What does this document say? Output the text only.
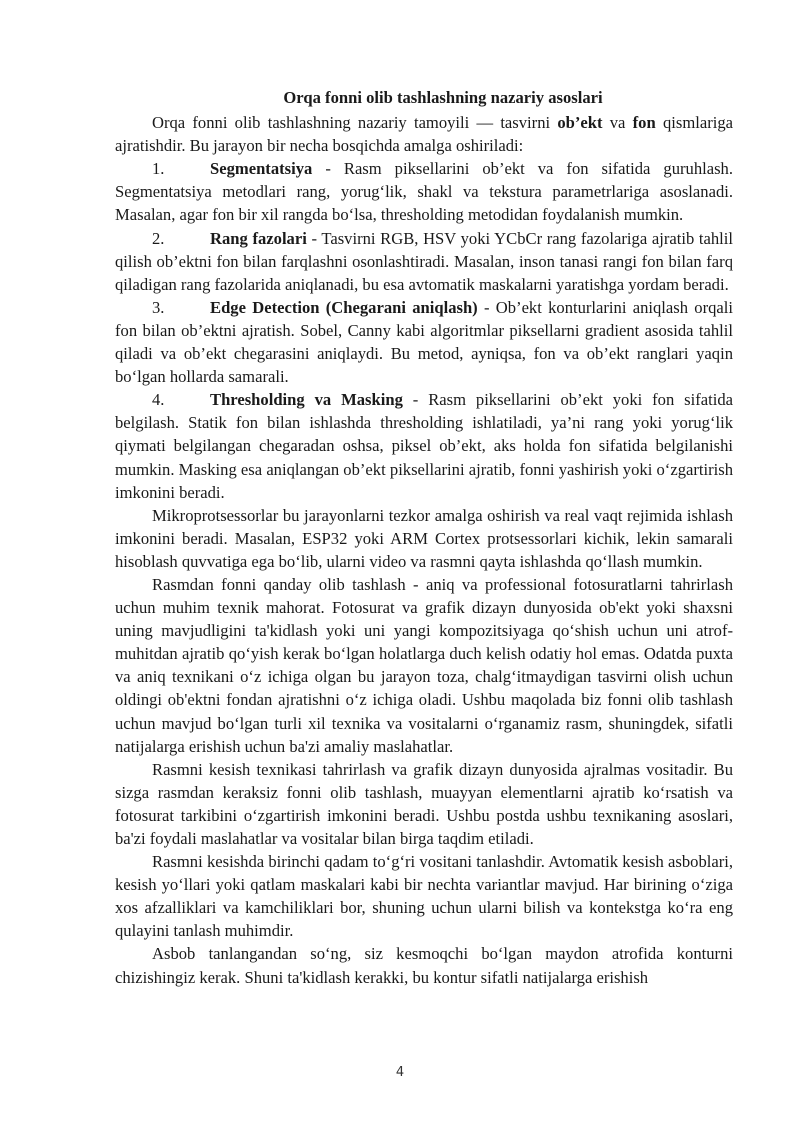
Orqa fonni olib tashlashning nazariy asoslari

Orqa fonni olib tashlashning nazariy tamoyili — tasvirni ob’ekt va fon qismlariga ajratishdir. Bu jarayon bir necha bosqichda amalga oshiriladi:

1.	Segmentatsiya - Rasm piksellarini ob’ekt va fon sifatida guruhlash. Segmentatsiya metodlari rang, yorug‘lik, shakl va tekstura parametrlariga asoslanadi. Masalan, agar fon bir xil rangda bo‘lsa, thresholding metodidan foydalanish mumkin.

2.	Rang fazolari - Tasvirni RGB, HSV yoki YCbCr rang fazolariga ajratib tahlil qilish ob’ektni fon bilan farqlashni osonlashtiradi. Masalan, inson tanasi rangi fon bilan farq qiladigan rang fazolarida aniqlanadi, bu esa avtomatik maskalarni yaratishga yordam beradi.

3.	Edge Detection (Chegarani aniqlash) - Ob’ekt konturlarini aniqlash orqali fon bilan ob’ektni ajratish. Sobel, Canny kabi algoritmlar piksellarni gradient asosida tahlil qiladi va ob’ekt chegarasini aniqlaydi. Bu metod, ayniqsa, fon va ob’ekt ranglari yaqin bo‘lgan hollarda samarali.

4.	Thresholding va Masking - Rasm piksellarini ob’ekt yoki fon sifatida belgilash. Statik fon bilan ishlashda thresholding ishlatiladi, ya’ni rang yoki yorug‘lik qiymati belgilangan chegaradan oshsa, piksel ob’ekt, aks holda fon sifatida belgilanishi mumkin. Masking esa aniqlangan ob’ekt piksellarini ajratib, fonni yashirish yoki o‘zgartirish imkonini beradi.

Mikroprotsessorlar bu jarayonlarni tezkor amalga oshirish va real vaqt rejimida ishlash imkonini beradi. Masalan, ESP32 yoki ARM Cortex protsessorlari kichik, lekin samarali hisoblash quvvatiga ega bo‘lib, ularni video va rasmni qayta ishlashda qo‘llash mumkin.

Rasmdan fonni qanday olib tashlash - aniq va professional fotosuratlarni tahrirlash uchun muhim texnik mahorat. Fotosurat va grafik dizayn dunyosida ob'ekt yoki shaxsni uning mavjudligini ta'kidlash yoki uni yangi kompozitsiyaga qo‘shish uchun uni atrof-muhitdan ajratib qo‘yish kerak bo‘lgan holatlarga duch kelish odatiy hol emas. Odatda puxta va aniq texnikani o‘z ichiga olgan bu jarayon toza, chalg‘itmaydigan tasvirni olish uchun oldingi ob'ektni fondan ajratishni o‘z ichiga oladi. Ushbu maqolada biz fonni olib tashlash uchun mavjud bo‘lgan turli xil texnika va vositalarni o‘rganamiz rasm, shuningdek, sifatli natijalarga erishish uchun ba'zi amaliy maslahatlar.

Rasmni kesish texnikasi tahrirlash va grafik dizayn dunyosida ajralmas vositadir. Bu sizga rasmdan keraksiz fonni olib tashlash, muayyan elementlarni ajratib ko‘rsatish va fotosurat tarkibini o‘zgartirish imkonini beradi. Ushbu postda ushbu texnikaning asoslari, ba'zi foydali maslahatlar va vositalar bilan birga taqdim etiladi.

Rasmni kesishda birinchi qadam to‘g‘ri vositani tanlashdir. Avtomatik kesish asboblari, kesish yo‘llari yoki qatlam maskalari kabi bir nechta variantlar mavjud. Har birining o‘ziga xos afzalliklari va kamchiliklari bor, shuning uchun ularni bilish va kontekstga ko‘ra eng qulayini tanlash muhimdir.

Asbob tanlangandan so‘ng, siz kesmoqchi bo‘lgan maydon atrofida konturni chizishingiz kerak. Shuni ta'kidlash kerakki, bu kontur sifatli natijalarga erishish

4
